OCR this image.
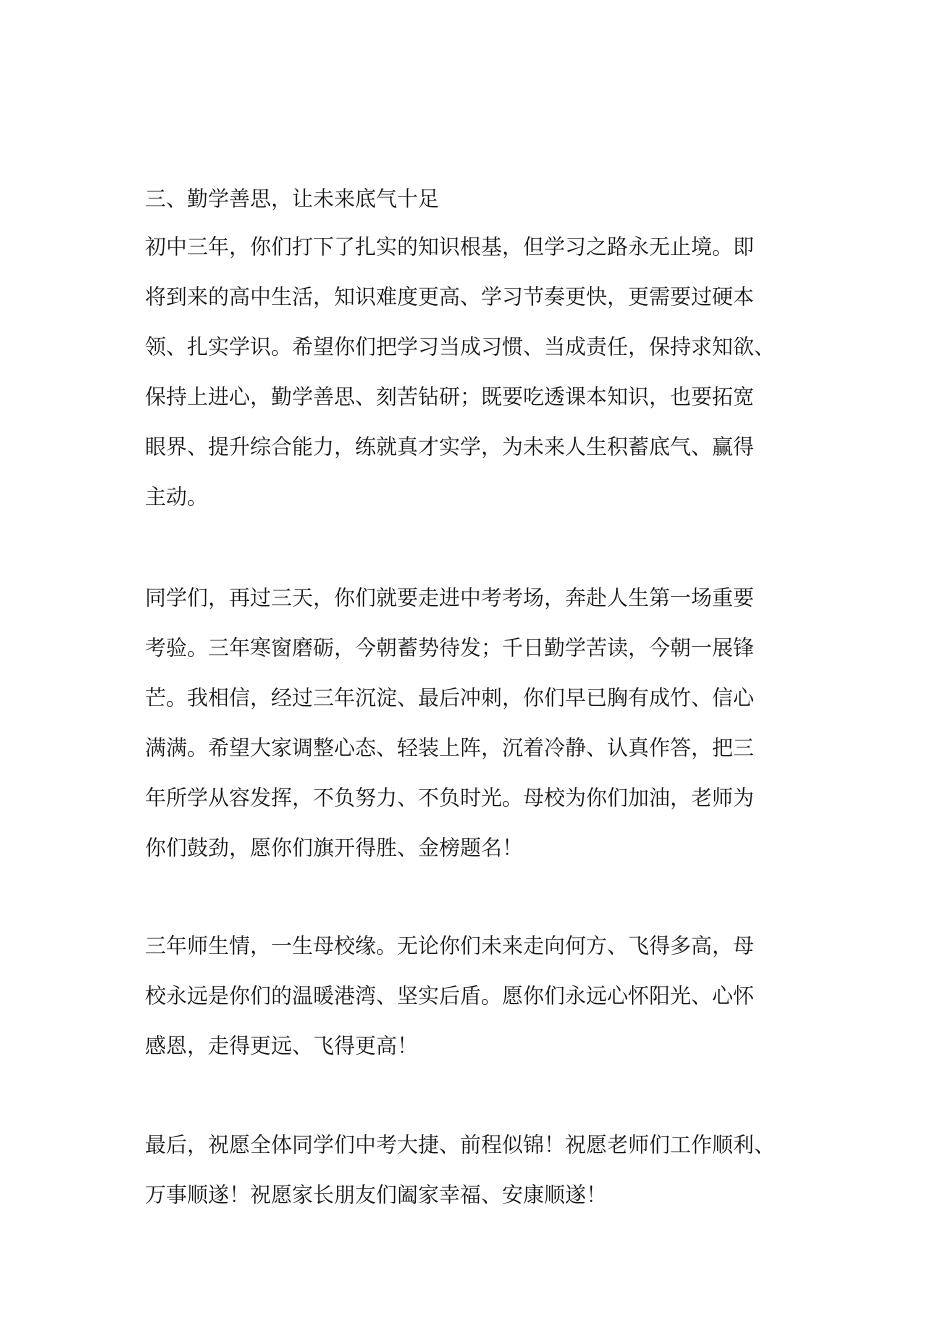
三、勤学善思，让未来底气十足
初中三年，你们打下了扎实的知识根基，但学习之路永无止境。即
将到来的高中生活，知识难度更高、学习节奏更快，更需要过硬本
领、扎实学识。希望你们把学习当成习惯、当成责任，保持求知欲、
保持上进心，勤学善思、刻苦钻研；既要吃透课本知识，也要拓宽
眼界、提升综合能力，练就真才实学，为未来人生积蓄底气、赢得
主动。
同学们，再过三天，你们就要走进中考考场，奔赴人生第一场重要
考验。三年寒窗磨砺，今朝蓄势待发；千日勤学苦读，今朝一展锋
芒。我相信，经过三年沉淀、最后冲刺，你们早已胸有成竹、信心
满满。希望大家调整心态、轻装上阵，沉着冷静、认真作答，把三
年所学从容发挥，不负努力、不负时光。母校为你们加油，老师为
你们鼓劲，愿你们旗开得胜、金榜题名！
三年师生情，一生母校缘。无论你们未来走向何方、飞得多高，母
校永远是你们的温暖港湾、坚实后盾。愿你们永远心怀阳光、心怀
感恩，走得更远、飞得更高！
最后，祝愿全体同学们中考大捷、前程似锦！祝愿老师们工作顺利、
万事顺遂！祝愿家长朋友们阖家幸福、安康顺遂！
